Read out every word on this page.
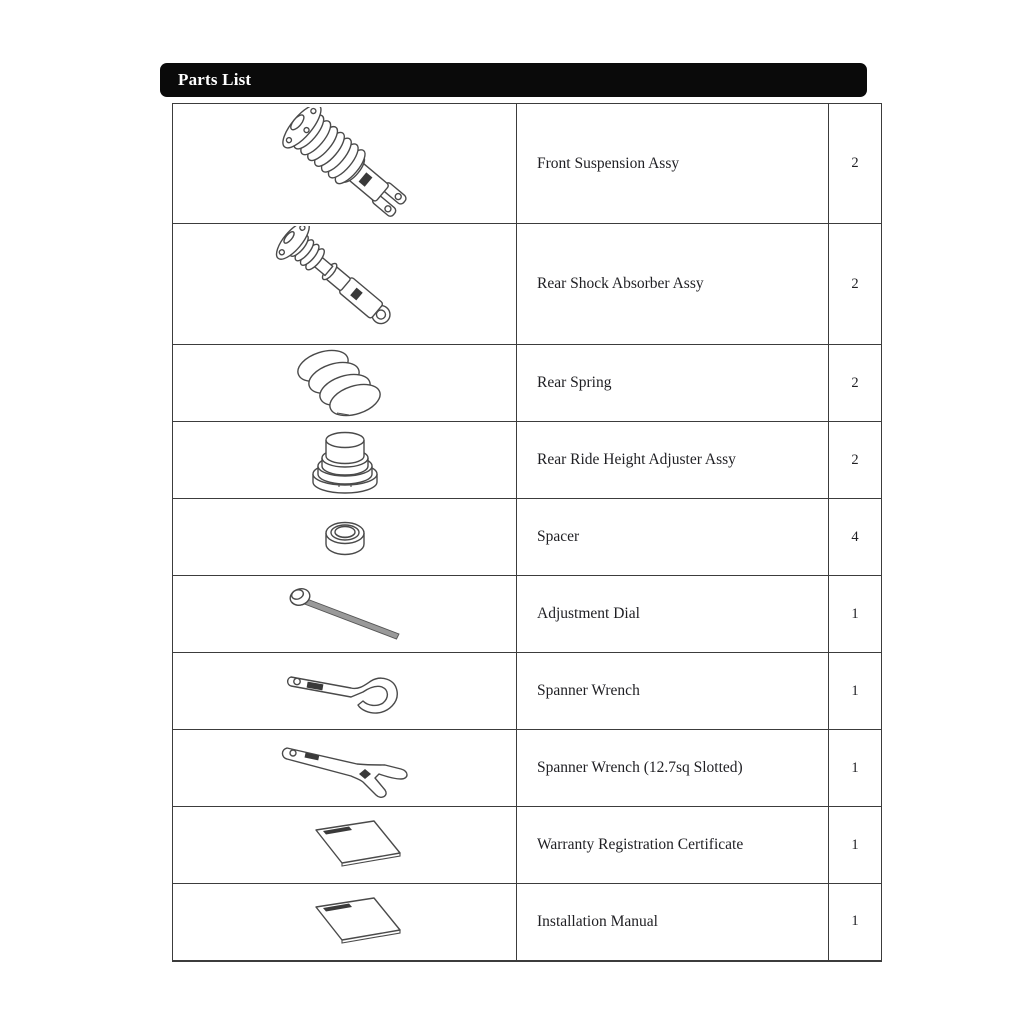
Parts List
	Front Suspension Assy	2
	Rear Shock Absorber Assy	2
	Rear Spring	2
	Rear Ride Height Adjuster Assy	2
	Spacer	4
	Adjustment Dial	1
	Spanner Wrench	1
	Spanner Wrench (12.7sq Slotted)	1
	Warranty Registration Certificate	1
	Installation Manual	1
